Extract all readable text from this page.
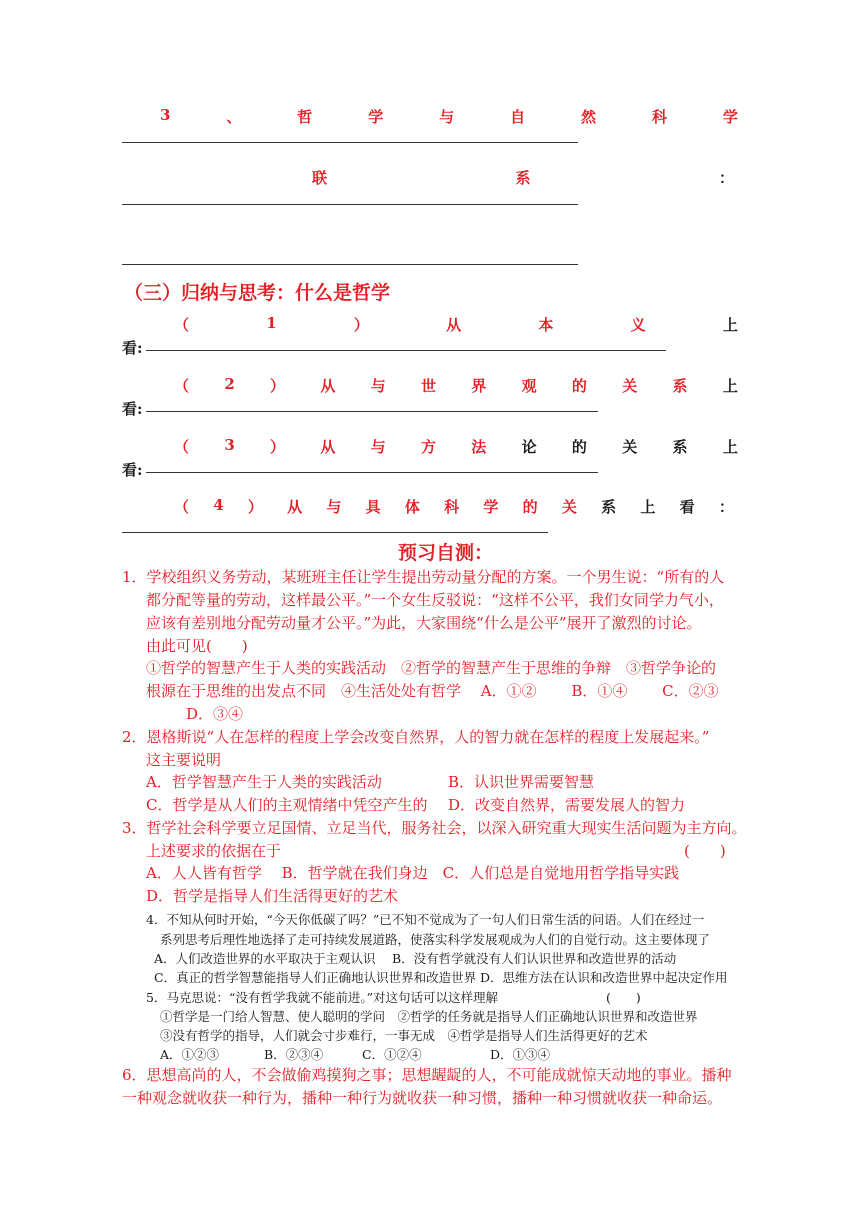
3	、	哲	学	与	自	然	科	学
联	系	：
（三）归纳与思考：什么是哲学
（	1	）	从	本	义	上
看:
（ 2 ） 从 与 世 界 观 的 关 系 上
看:
（ 3 ） 从 与 方 法 论 的 关 系 上
看:
（ 4 ） 从 与 具 体 科 学 的 关 系 上 看 ：
预习自测：
1．学校组织义务劳动，某班班主任让学生提出劳动量分配的方案。一个男生说：“所有的人
都分配等量的劳动，这样最公平。”一个女生反驳说：“这样不公平，我们女同学力气小，
应该有差别地分配劳动量才公平。”为此，大家围绕“什么是公平”展开了激烈的讨论。
由此可见(　　)
①哲学的智慧产生于人类的实践活动　②哲学的智慧产生于思维的争辩　③哲学争论的
根源在于思维的出发点不同　④生活处处有哲学　 A．①②　　 B．①④　　 C．②③
D．③④
2．恩格斯说“人在怎样的程度上学会改变自然界，人的智力就在怎样的程度上发展起来。”
这主要说明
A．哲学智慧产生于人类的实践活动	B．认识世界需要智慧
C．哲学是从人们的主观情绪中凭空产生的 D．改变自然界，需要发展人的智力
3．哲学社会科学要立足国情、立足当代，服务社会，以深入研究重大现实生活问题为主方向。
上述要求的依据在于	(　　)
A．人人皆有哲学　 B．哲学就在我们身边　C．人们总是自觉地用哲学指导实践
D．哲学是指导人们生活得更好的艺术
4．不知从何时开始，“今天你低碳了吗？”已不知不觉成为了一句人们日常生活的问语。人们在经过一
系列思考后理性地选择了走可持续发展道路，使落实科学发展观成为人们的自觉行动。这主要体现了
A．人们改造世界的水平取决于主观认识　 B．没有哲学就没有人们认识世界和改造世界的活动
C．真正的哲学智慧能指导人们正确地认识世界和改造世界 D．思维方法在认识和改造世界中起决定作用
5．马克思说：“没有哲学我就不能前进。”对这句话可以这样理解	(　　)
①哲学是一门给人智慧、使人聪明的学问　②哲学的任务就是指导人们正确地认识世界和改造世界
③没有哲学的指导，人们就会寸步难行，一事无成　④哲学是指导人们生活得更好的艺术
A．①②③	B．②③④	C．①②④	D．①③④
6．思想高尚的人，不会做偷鸡摸狗之事；思想龌龊的人，不可能成就惊天动地的事业。播种
一种观念就收获一种行为，播种一种行为就收获一种习惯，播种一种习惯就收获一种命运。
